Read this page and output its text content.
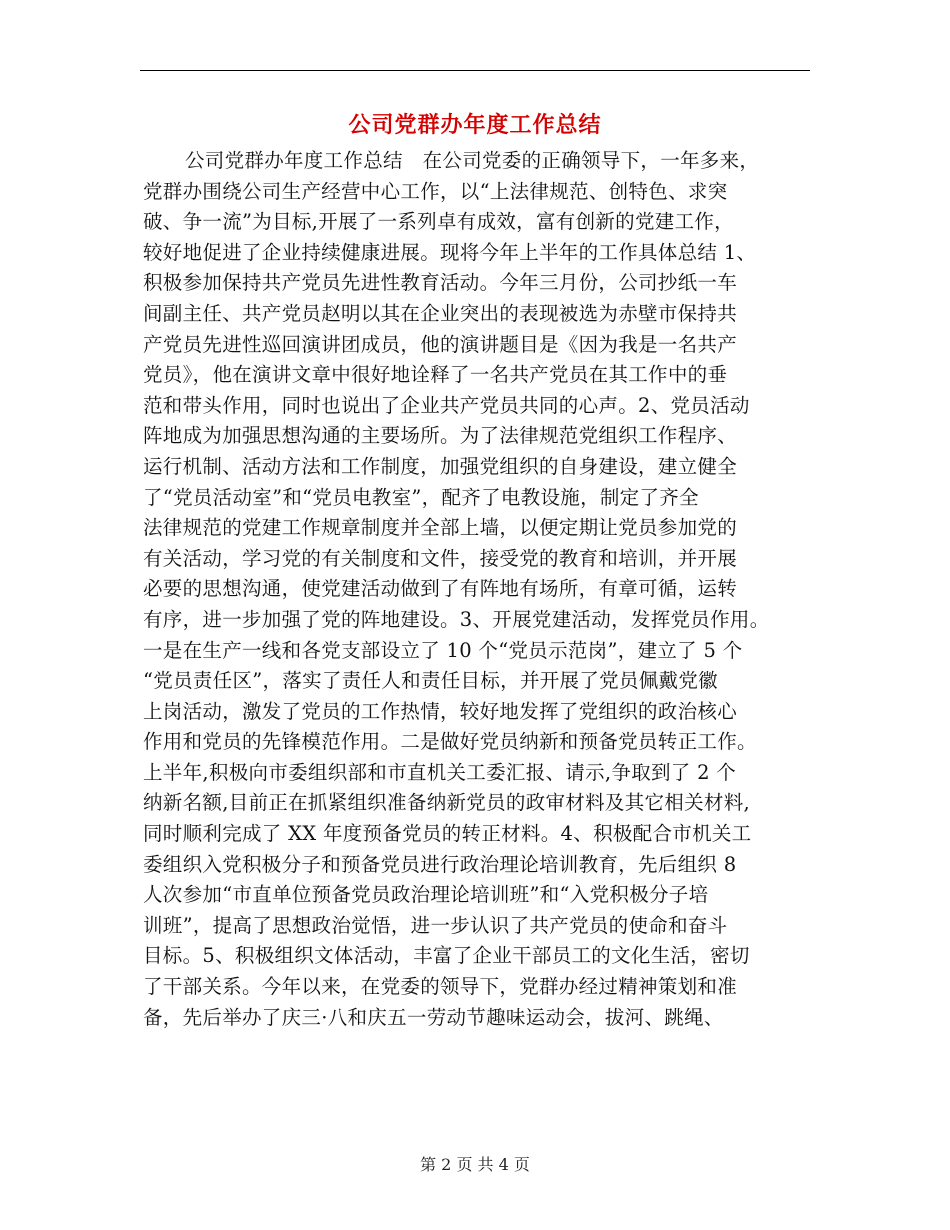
公司党群办年度工作总结
公司党群办年度工作总结　在公司党委的正确领导下，一年多来，
党群办围绕公司生产经营中心工作，以“上法律规范、创特色、求突
破、争一流”为目标,开展了一系列卓有成效，富有创新的党建工作，
较好地促进了企业持续健康进展。现将今年上半年的工作具体总结 1、
积极参加保持共产党员先进性教育活动。今年三月份，公司抄纸一车
间副主任、共产党员赵明以其在企业突出的表现被选为赤壁市保持共
产党员先进性巡回演讲团成员，他的演讲题目是《因为我是一名共产
党员》，他在演讲文章中很好地诠释了一名共产党员在其工作中的垂
范和带头作用，同时也说出了企业共产党员共同的心声。2、党员活动
阵地成为加强思想沟通的主要场所。为了法律规范党组织工作程序、
运行机制、活动方法和工作制度，加强党组织的自身建设，建立健全
了“党员活动室”和“党员电教室”，配齐了电教设施，制定了齐全
法律规范的党建工作规章制度并全部上墙，以便定期让党员参加党的
有关活动，学习党的有关制度和文件，接受党的教育和培训，并开展
必要的思想沟通，使党建活动做到了有阵地有场所，有章可循，运转
有序，进一步加强了党的阵地建设。3、开展党建活动，发挥党员作用。
一是在生产一线和各党支部设立了 10 个“党员示范岗”，建立了 5 个
“党员责任区”，落实了责任人和责任目标，并开展了党员佩戴党徽
上岗活动，激发了党员的工作热情，较好地发挥了党组织的政治核心
作用和党员的先锋模范作用。二是做好党员纳新和预备党员转正工作。
上半年,积极向市委组织部和市直机关工委汇报、请示,争取到了 2 个
纳新名额,目前正在抓紧组织准备纳新党员的政审材料及其它相关材料,
同时顺利完成了 XX 年度预备党员的转正材料。4、积极配合市机关工
委组织入党积极分子和预备党员进行政治理论培训教育，先后组织 8
人次参加“市直单位预备党员政治理论培训班”和“入党积极分子培
训班”，提高了思想政治觉悟，进一步认识了共产党员的使命和奋斗
目标。5、积极组织文体活动，丰富了企业干部员工的文化生活，密切
了干部关系。今年以来，在党委的领导下，党群办经过精神策划和准
备，先后举办了庆三·八和庆五一劳动节趣味运动会，拔河、跳绳、
第 2 页 共 4 页
